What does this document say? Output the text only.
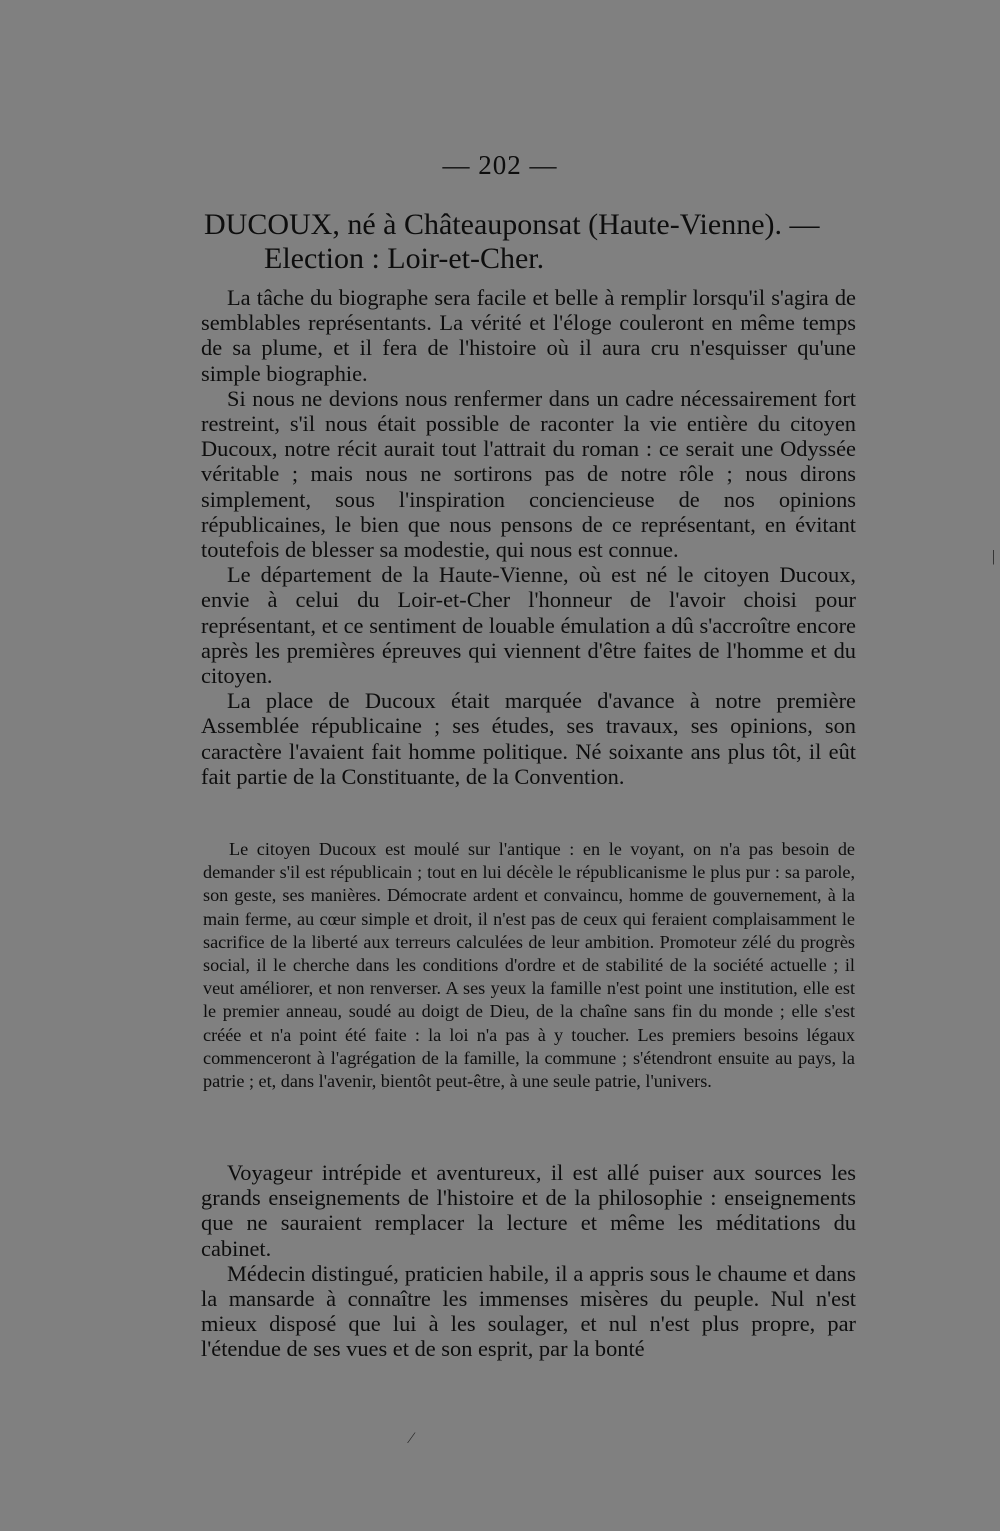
— 202 —
DUCOUX, né à Châteauponsat (Haute-Vienne). —
Election : Loir-et-Cher.

La tâche du biographe sera facile et belle à remplir lorsqu'il s'agira de semblables représentants. La vérité et l'éloge couleront en même temps de sa plume, et il fera de l'histoire où il aura cru n'esquisser qu'une simple biographie.

Si nous ne devions nous renfermer dans un cadre nécessairement fort restreint, s'il nous était possible de raconter la vie entière du citoyen Ducoux, notre récit aurait tout l'attrait du roman : ce serait une Odyssée véritable ; mais nous ne sortirons pas de notre rôle ; nous dirons simplement, sous l'inspiration conciencieuse de nos opinions républicaines, le bien que nous pensons de ce représentant, en évitant toutefois de blesser sa modestie, qui nous est connue.

Le département de la Haute-Vienne, où est né le citoyen Ducoux, envie à celui du Loir-et-Cher l'honneur de l'avoir choisi pour représentant, et ce sentiment de louable émulation a dû s'accroître encore après les premières épreuves qui viennent d'être faites de l'homme et du citoyen.

La place de Ducoux était marquée d'avance à notre première Assemblée républicaine ; ses études, ses travaux, ses opinions, son caractère l'avaient fait homme politique. Né soixante ans plus tôt, il eût fait partie de la Constituante, de la Convention.

Le citoyen Ducoux est moulé sur l'antique : en le voyant, on n'a pas besoin de demander s'il est républicain ; tout en lui décèle le républicanisme le plus pur : sa parole, son geste, ses manières. Démocrate ardent et convaincu, homme de gouvernement, à la main ferme, au cœur simple et droit, il n'est pas de ceux qui feraient complaisamment le sacrifice de la liberté aux terreurs calculées de leur ambition. Promoteur zélé du progrès social, il le cherche dans les conditions d'ordre et de stabilité de la société actuelle ; il veut améliorer, et non renverser. A ses yeux la famille n'est point une institution, elle est le premier anneau, soudé au doigt de Dieu, de la chaîne sans fin du monde ; elle s'est créée et n'a point été faite : la loi n'a pas à y toucher. Les premiers besoins légaux commenceront à l'agrégation de la famille, la commune ; s'étendront ensuite au pays, la patrie ; et, dans l'avenir, bientôt peut-être, à une seule patrie, l'univers.

Voyageur intrépide et aventureux, il est allé puiser aux sources les grands enseignements de l'histoire et de la philosophie : enseignements que ne sauraient remplacer la lecture et même les méditations du cabinet.

Médecin distingué, praticien habile, il a appris sous le chaume et dans la mansarde à connaître les immenses misères du peuple. Nul n'est mieux disposé que lui à les soulager, et nul n'est plus propre, par l'étendue de ses vues et de son esprit, par la bonté

|
⁄
